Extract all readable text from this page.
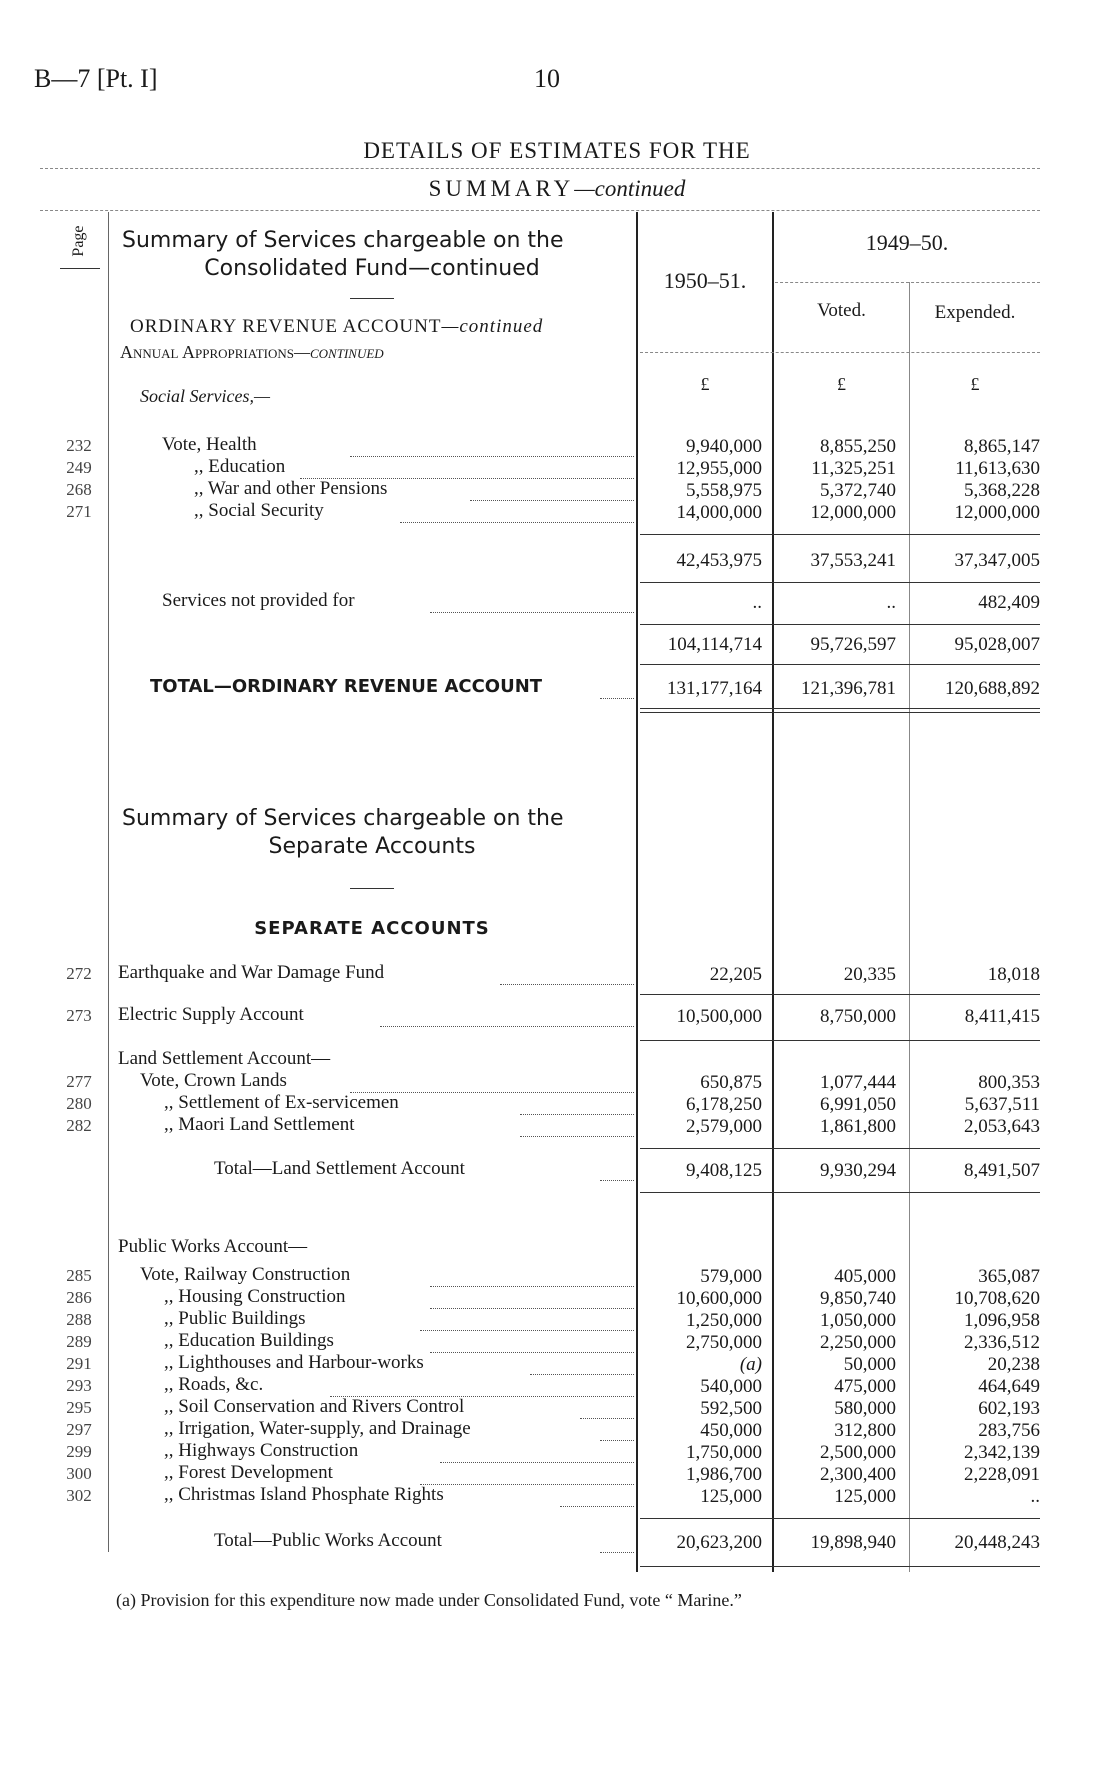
B—7 [Pt. I]	10
DETAILS OF ESTIMATES FOR THE
SUMMARY—continued
Page
1950–51.
1949–50.
Voted.	Expended.
£	£	£
Summary of Services chargeable on the
Consolidated Fund—continued
ORDINARY REVENUE ACCOUNT—continued
Annual Appropriations—continued
Social Services,—
232	Vote, Health	9,940,000	8,855,250	8,865,147
249	,, Education	12,955,000	11,325,251	11,613,630
268	,, War and other Pensions	5,558,975	5,372,740	5,368,228
271	,, Social Security	14,000,000	12,000,000	12,000,000
42,453,975	37,553,241	37,347,005
Services not provided for	..	..	482,409
104,114,714	95,726,597	95,028,007
TOTAL—ORDINARY REVENUE ACCOUNT	131,177,164 121,396,781	120,688,892
Summary of Services chargeable on the
Separate Accounts
SEPARATE ACCOUNTS
272	Earthquake and War Damage Fund	22,205	20,335	18,018
273	Electric Supply Account	10,500,000	8,750,000	8,411,415
Land Settlement Account—
277	Vote, Crown Lands	650,875	1,077,444	800,353
280	,, Settlement of Ex-servicemen	6,178,250	6,991,050	5,637,511
282	,, Maori Land Settlement	2,579,000	1,861,800	2,053,643
Total—Land Settlement Account	9,408,125	9,930,294	8,491,507
Public Works Account—
285	Vote, Railway Construction	579,000	405,000	365,087
286	,, Housing Construction	10,600,000	9,850,740	10,708,620
288	,, Public Buildings	1,250,000	1,050,000	1,096,958
289	,, Education Buildings	2,750,000	2,250,000	2,336,512
291	,, Lighthouses and Harbour-works	(a)	50,000	20,238
293	,, Roads, &c.	540,000	475,000	464,649
295	,, Soil Conservation and Rivers Control	592,500	580,000	602,193
297	,, Irrigation, Water-supply, and Drainage	450,000	312,800	283,756
299	,, Highways Construction	1,750,000	2,500,000	2,342,139
300	,, Forest Development	1,986,700	2,300,400	2,228,091
302	,, Christmas Island Phosphate Rights	125,000	125,000	..
Total—Public Works Account	20,623,200	19,898,940	20,448,243
(a) Provision for this expenditure now made under Consolidated Fund, vote “ Marine.”
